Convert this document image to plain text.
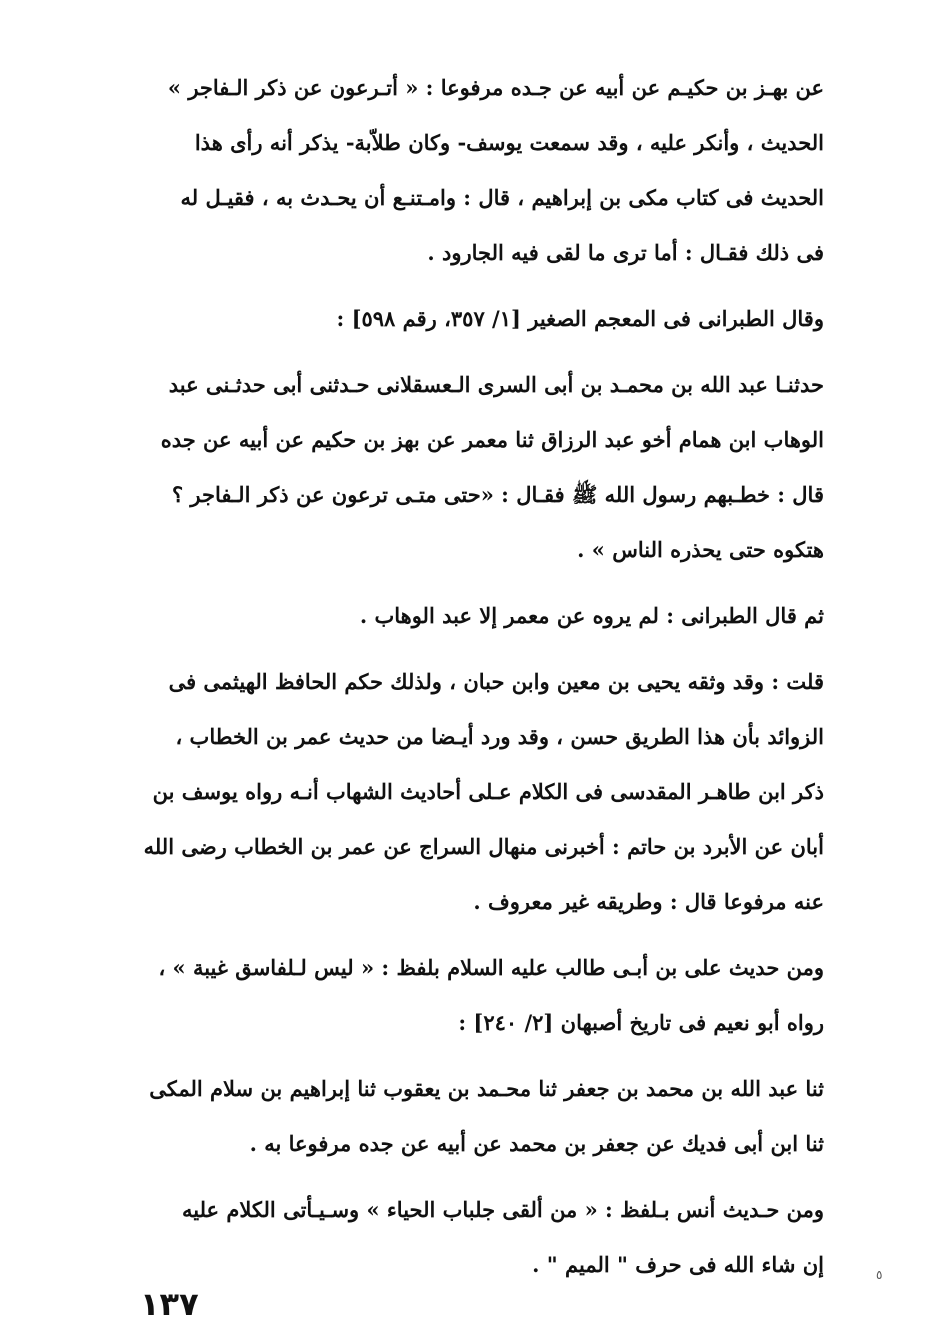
عن بهـز بن حكيـم عن أبيه عن جـده مرفوعا : « أتـرعون عن ذكر الـفاجر »
الحديث ، وأنكر عليه ، وقد سمعت يوسف- وكان طلاّبة- يذكر أنه رأى هذا
الحديث فى كتاب مكى بن إبراهيم ، قال : وامـتنـع أن يحـدث به ، فقيـل له
فى ذلك فقـال : أما ترى ما لقى فيه الجارود .
وقال الطبرانى فى المعجم الصغير [١/ ٣٥٧، رقم ٥٩٨] :
حدثنـا عبد الله بن محمـد بن أبى السرى الـعسقلانى حـدثنى أبى حدثـنى عبد
الوهاب ابن همام أخو عبد الرزاق ثنا معمر عن بهز بن حكيم عن أبيه عن جده
قال : خطـبهم رسول الله ﷺ فقـال : «حتى متـى ترعون عن ذكر الـفاجر ؟
هتكوه حتى يحذره الناس » .
ثم قال الطبرانى : لم يروه عن معمر إلا عبد الوهاب .
قلت : وقد وثقه يحيى بن معين وابن حبان ، ولذلك حكم الحافظ الهيثمى فى
الزوائد بأن هذا الطريق حسن ، وقد ورد أيـضا من حديث عمر بن الخطاب ،
ذكر ابن طاهـر المقدسى فى الكلام عـلى أحاديث الشهاب أنـه رواه يوسف بن
أبان عن الأبرد بن حاتم : أخبرنى منهال السراج عن عمر بن الخطاب رضى الله
عنه مرفوعا قال : وطريقه غير معروف .
ومن حديث على بن أبـى طالب عليه السلام بلفظ : « ليس لـلفاسق غيبة » ،
رواه أبو نعيم فى تاريخ أصبهان [٢/ ٢٤٠] :
ثنا عبد الله بن محمد بن جعفر ثنا محـمد بن يعقوب ثنا إبراهيم بن سلام المكى
ثنا ابن أبى فديك عن جعفر بن محمد عن أبيه عن جده مرفوعا به .
ومن حـديث أنس بـلفظ : « من ألقى جلباب الحياء » وسـيـأتى الكلام عليه
إن شاء الله فى حرف " الميم " .	٥
١٣٧
